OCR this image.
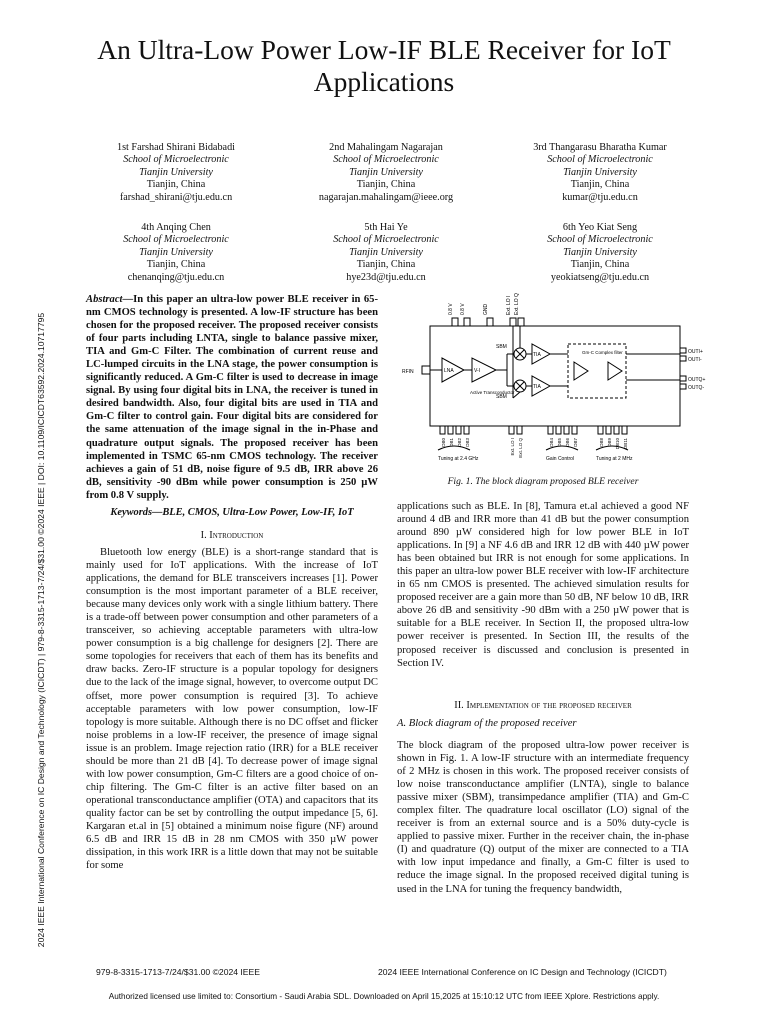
An Ultra-Low Power Low-IF BLE Receiver for IoT Applications
1st Farshad Shirani Bidabadi
School of Microelectronic
Tianjin University
Tianjin, China
farshad_shirani@tju.edu.cn
2nd Mahalingam Nagarajan
School of Microelectronic
Tianjin University
Tianjin, China
nagarajan.mahalingam@ieee.org
3rd Thangarasu Bharatha Kumar
School of Microelectronic
Tianjin University
Tianjin, China
kumar@tju.edu.cn
4th Anqing Chen
School of Microelectronic
Tianjin University
Tianjin, China
chenanqing@tju.edu.cn
5th Hai Ye
School of Microelectronic
Tianjin University
Tianjin, China
hye23d@tju.edu.cn
6th Yeo Kiat Seng
School of Microelectronic
Tianjin University
Tianjin, China
yeokiatseng@tju.edu.cn
2024 IEEE International Conference on IC Design and Technology (ICICDT) | 979-8-3315-1713-7/24/$31.00 ©2024 IEEE | DOI: 10.1109/ICICDT63592.2024.10717795

Abstract—In this paper an ultra-low power BLE receiver in 65-nm CMOS technology is presented. A low-IF structure has been chosen for the proposed receiver. The proposed receiver consists of four parts including LNTA, single to balance passive mixer, TIA and Gm-C Filter. The combination of current reuse and LC-lumped circuits in the LNA stage, the power consumption is significantly reduced. A Gm-C filter is used to decrease in image signal. By using four digital bits in LNA, the receiver is tuned in desired bandwidth. Also, four digital bits are used in TIA and Gm-C filter to control gain. Four digital bits are considered for the same attenuation of the image signal in the in-Phase and quadrature output signals. The proposed receiver has been implemented in TSMC 65-nm CMOS technology. The receiver achieves a gain of 51 dB, noise figure of 9.5 dB, IRR above 26 dB, sensitivity -90 dBm while power consumption is 250 µW from 0.8 V supply.

Keywords—BLE, CMOS, Ultra-Low Power, Low-IF, IoT
I. Introduction

Bluetooth low energy (BLE) is a short-range standard that is mainly used for IoT applications. With the increase of IoT applications, the demand for BLE transceivers increases [1]. Power consumption is the most important parameter of a BLE receiver, because many devices only work with a single lithium battery. There is a trade-off between power consumption and other parameters of a transceiver, so achieving acceptable parameters with ultra-low power consumption is a big challenge for designers [2]. There are some topologies for receivers that each of them has its benefits and draw backs. Zero-IF structure is a popular topology for designers due to the lack of the image signal, however, to overcome output DC offset, more power consumption is required [3]. To achieve acceptable parameters with low power consumption, low-IF topology is more suitable. Although there is no DC offset and flicker noise problems in a low-IF receiver, the presence of image signal issue is an problem. Image rejection ratio (IRR) for a BLE receiver should be more than 21 dB [4]. To decrease power of image signal with low power consumption, Gm-C filters are a good choice of on-chip filtering. The Gm-C filter is an active filter based on an operational transconductance amplifier (OTA) and capacitors that its quality factor can be set by controlling the output impedance [5, 6]. Kargaran et.al in [5] obtained a minimum noise figure (NF) around 6.5 dB and IRR 15 dB in 28 nm CMOS with 350 µW power dissipation, in this work IRR is a little down that may not be suitable for some

0.8 V 0.8 V	GND	Ext. LO I Ext. LO Q
RFIN	LNA	V-I
Active Transconductor
SBM
SBM
TIA
TIA
Gm-C Complex filter	OUTI+
OUTI-
OUTQ+
OUTQ-
DB0 DB1 DB2 DB3	Ext. LO I Ext. LO Q	DB4 DB5 DB6 DB7	DB8 DB9 DB10 DB11
Tuning at 2.4 GHz	Gain Control	Tuning at 2 MHz
Fig. 1. The block diagram proposed BLE receiver

applications such as BLE. In [8], Tamura et.al achieved a good NF around 4 dB and IRR more than 41 dB but the power consumption around 890 µW considered high for low power BLE in IoT applications. In [9] a NF 4.6 dB and IRR 12 dB with 440 µW power has been obtained but IRR is not enough for some applications. In this paper an ultra-low power BLE receiver with low-IF architecture in 65 nm CMOS is presented. The achieved simulation results for proposed receiver are a gain more than 50 dB, NF below 10 dB, IRR above 26 dB and sensitivity -90 dBm with a 250 µW power that is suitable for a BLE receiver. In Section II, the proposed ultra-low power receiver is presented. In Section III, the results of the proposed receiver is discussed and conclusion is presented in Section IV.

II. Implementation of the proposed receiver
A. Block diagram of the proposed receiver

The block diagram of the proposed ultra-low power receiver is shown in Fig. 1. A low-IF structure with an intermediate frequency of 2 MHz is chosen in this work. The proposed receiver consists of low noise transconductance amplifier (LNTA), single to balance passive mixer (SBM), transimpedance amplifier (TIA) and Gm-C complex filter. The quadrature local oscillator (LO) signal of the receiver is from an external source and is a 50% duty-cycle is applied to passive mixer. Further in the receiver chain, the in-phase (I) and quadrature (Q) output of the mixer are connected to a TIA with low input impedance and finally, a Gm-C filter is used to reduce the image signal. In the proposed received digital tuning is used in the LNA for tuning the frequency bandwidth,

979-8-3315-1713-7/24/$31.00 ©2024 IEEE	2024 IEEE International Conference on IC Design and Technology (ICICDT)
Authorized licensed use limited to: Consortium - Saudi Arabia SDL. Downloaded on April 15,2025 at 15:10:12 UTC from IEEE Xplore. Restrictions apply.
